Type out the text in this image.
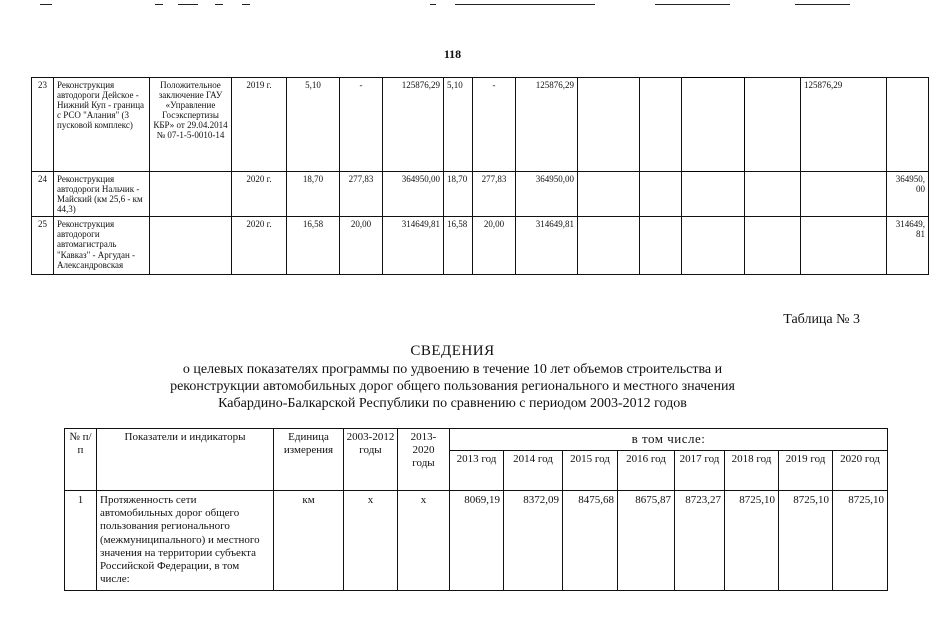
118
23	Реконструкция автодороги Дейское - Нижний Куп - граница с РСО "Алания" (3 пусковой комплекс)	Положительное заключение ГАУ «Управление Госэкспертизы КБР» от 29.04.2014 № 07-1-5-0010-14	2019 г.	5,10	-	125876,29	5,10	-	125876,29					125876,29	
24	Реконструкция автодороги Нальчик - Майский (км 25,6 - км 44,3)		2020 г.	18,70	277,83	364950,00	18,70	277,83	364950,00						364950, 00
25	Реконструкция автодороги автомагистраль "Кавказ" - Аргудан - Александровская		2020 г.	16,58	20,00	314649,81	16,58	20,00	314649,81						314649, 81
Таблица № 3
СВЕДЕНИЯ
о целевых показателях программы по удвоению в течение 10 лет объемов строительства и
реконструкции автомобильных дорог общего пользования регионального и местного значения
Кабардино-Балкарской Республики по сравнению с периодом 2003-2012 годов
№ п/п	Показатели и индикаторы	Единица измерения	2003-2012 годы	2013-2020 годы	в том числе:							
					2013 год	2014 год	2015 год	2016 год	2017 год	2018 год	2019 год	2020 год
1	Протяженность сети автомобильных дорог общего пользования регионального (межмуниципального) и местного значения на территории субъекта Российской Федерации, в том числе:	км	х	х	8069,19	8372,09	8475,68	8675,87	8723,27	8725,10	8725,10	8725,10
